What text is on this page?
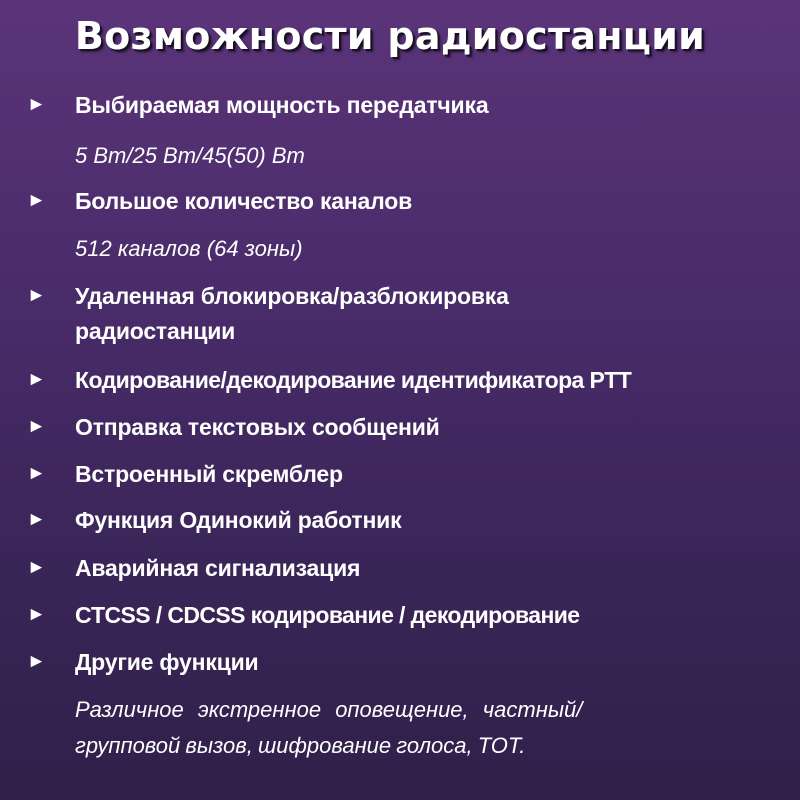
Возможности радиостанции
► Выбираемая мощность передатчика
5 Вт/25 Вт/45(50) Вт
► Большое количество каналов
512 каналов (64 зоны)
► Удаленная блокировка/разблокировка
радиостанции
► Кодирование/декодирование идентификатора PTT
► Отправка текстовых сообщений
► Встроенный скремблер
► Функция Одинокий работник
► Аварийная сигнализация
► CTCSS / CDCSS кодирование / декодирование
► Другие функции
Различное экстренное оповещение, частный/
групповой вызов, шифрование голоса, TOT.
